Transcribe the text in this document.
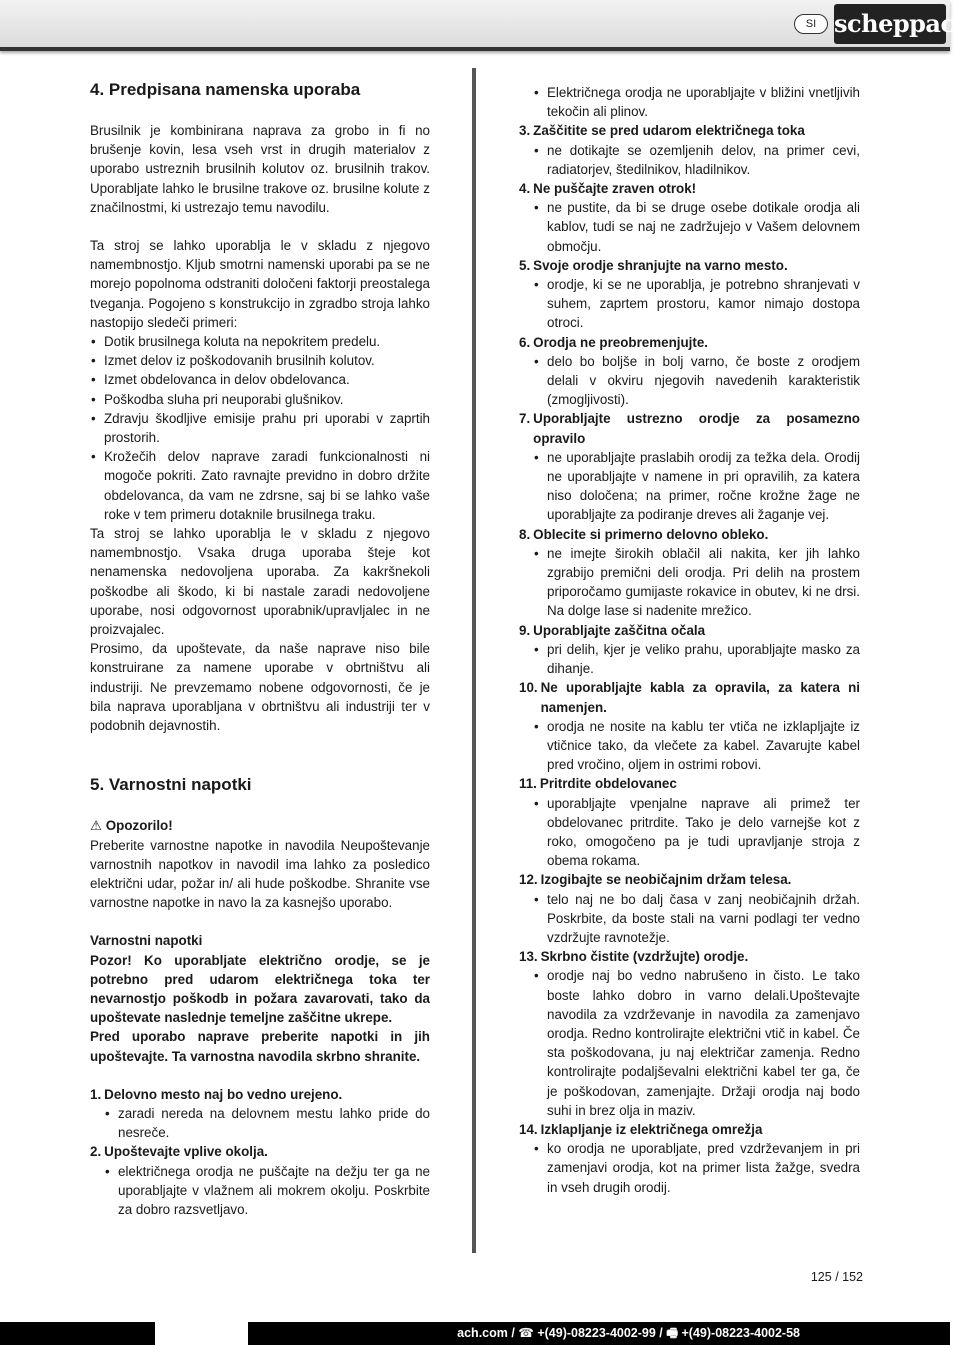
SI scheppach
4. Predpisana namenska uporaba

Brusilnik je kombinirana naprava za grobo in fi no brušenje kovin, lesa vseh vrst in drugih materialov z uporabo ustreznih brusilnih kolutov oz. brusilnih trakov. Uporabljate lahko le brusilne trakove oz. brusilne kolute z značilnostmi, ki ustrezajo temu navodilu.

Ta stroj se lahko uporablja le v skladu z njegovo namembnostjo. Kljub smotrni namenski uporabi pa se ne morejo popolnoma odstraniti določeni faktorji preostalega tveganja. Pogojeno s konstrukcijo in zgradbo stroja lahko nastopijo sledeči primeri:

• Dotik brusilnega koluta na nepokritem predelu.
• Izmet delov iz poškodovanih brusilnih kolutov.
• Izmet obdelovanca in delov obdelovanca.
• Poškodba sluha pri neuporabi glušnikov.
• Zdravju škodljive emisije prahu pri uporabi v zaprtih prostorih.
• Krožečih delov naprave zaradi funkcionalnosti ni mogoče pokriti. Zato ravnajte previdno in dobro držite obdelovanca, da vam ne zdrsne, saj bi se lahko vaše roke v tem primeru dotaknile brusilnega traku.

Ta stroj se lahko uporablja le v skladu z njegovo namembnostjo. Vsaka druga uporaba šteje kot nenamenska nedovoljena uporaba. Za kakršnekoli poškodbe ali škodo, ki bi nastale zaradi nedovoljene uporabe, nosi odgovornost uporabnik/upravljalec in ne proizvajalec.

Prosimo, da upoštevate, da naše naprave niso bile konstruirane za namene uporabe v obrtništvu ali industriji. Ne prevzemamo nobene odgovornosti, če je bila naprava uporabljana v obrtništvu ali industriji ter v podobnih dejavnostih.

5. Varnostni napotki
⚠ Opozorilo!

Preberite varnostne napotke in navodila Neupoštevanje varnostnih napotkov in navodil ima lahko za posledico električni udar, požar in/ ali hude poškodbe. Shranite vse varnostne napotke in navo la za kasnejšo uporabo.

Varnostni napotki

Pozor! Ko uporabljate električno orodje, se je potrebno pred udarom električnega toka ter nevarnostjo poškodb in požara zavarovati, tako da upoštevate naslednje temeljne zaščitne ukrepe.

Pred uporabo naprave preberite napotki in jih upoštevajte. Ta varnostna navodila skrbno shranite.

1. Delovno mesto naj bo vedno urejeno.
• zaradi nereda na delovnem mestu lahko pride do nesreče.
2. Upoštevajte vplive okolja.
• električnega orodja ne puščajte na dežju ter ga ne uporabljajte v vlažnem ali mokrem okolju. Poskrbite za dobro razsvetljavo.
• Električnega orodja ne uporabljajte v bližini vnetljivih tekočin ali plinov.
3. Zaščitite se pred udarom električnega toka
• ne dotikajte se ozemljenih delov, na primer cevi, radiatorjev, štedilnikov, hladilnikov.
4. Ne puščajte zraven otrok!
• ne pustite, da bi se druge osebe dotikale orodja ali kablov, tudi se naj ne zadržujejo v Vašem delovnem območju.
5. Svoje orodje shranjujte na varno mesto.
• orodje, ki se ne uporablja, je potrebno shranjevati v suhem, zaprtem prostoru, kamor nimajo dostopa otroci.
6. Orodja ne preobremenjujte.
• delo bo boljše in bolj varno, če boste z orodjem delali v okviru njegovih navedenih karakteristik (zmogljivosti).
7. Uporabljajte ustrezno orodje za posamezno opravilo
• ne uporabljajte praslabih orodij za težka dela. Orodij ne uporabljajte v namene in pri opravilih, za katera niso določena; na primer, ročne krožne žage ne uporabljajte za podiranje dreves ali žaganje vej.
8. Oblecite si primerno delovno obleko.
• ne imejte širokih oblačil ali nakita, ker jih lahko zgrabijo premični deli orodja. Pri delih na prostem priporočamo gumijaste rokavice in obutev, ki ne drsi. Na dolge lase si nadenite mrežico.
9. Uporabljajte zaščitna očala
• pri delih, kjer je veliko prahu, uporabljajte masko za dihanje.
10. Ne uporabljajte kabla za opravila, za katera ni namenjen.
• orodja ne nosite na kablu ter vtiča ne izklapljajte iz vtičnice tako, da vlečete za kabel. Zavarujte kabel pred vročino, oljem in ostrimi robovi.
11. Pritrdite obdelovanec
• uporabljajte vpenjalne naprave ali primež ter obdelovanec pritrdite. Tako je delo varnejše kot z roko, omogočeno pa je tudi upravljanje stroja z obema rokama.
12. Izogibajte se neobičajnim držam telesa.
• telo naj ne bo dalj časa v zanj neobičajnih držah. Poskrbite, da boste stali na varni podlagi ter vedno vzdržujte ravnotežje.
13. Skrbno čistite (vzdržujte) orodje.
• orodje naj bo vedno nabrušeno in čisto. Le tako boste lahko dobro in varno delali.Upoštevajte navodila za vzdrževanje in navodila za zamenjavo orodja. Redno kontrolirajte električni vtič in kabel. Če sta poškodovana, ju naj električar zamenja. Redno kontrolirajte podaljševalni električni kabel ter ga, če je poškodovan, zamenjajte. Držaji orodja naj bodo suhi in brez olja in maziv.
14. Izklapljanje iz električnega omrežja
• ko orodja ne uporabljate, pred vzdrževanjem in pri zamenjavi orodja, kot na primer lista žažge, svedra in vseh drugih orodij.
125 / 152
ach.com / ☎ +(49)-08223-4002-99 / 🖷 +(49)-08223-4002-58
